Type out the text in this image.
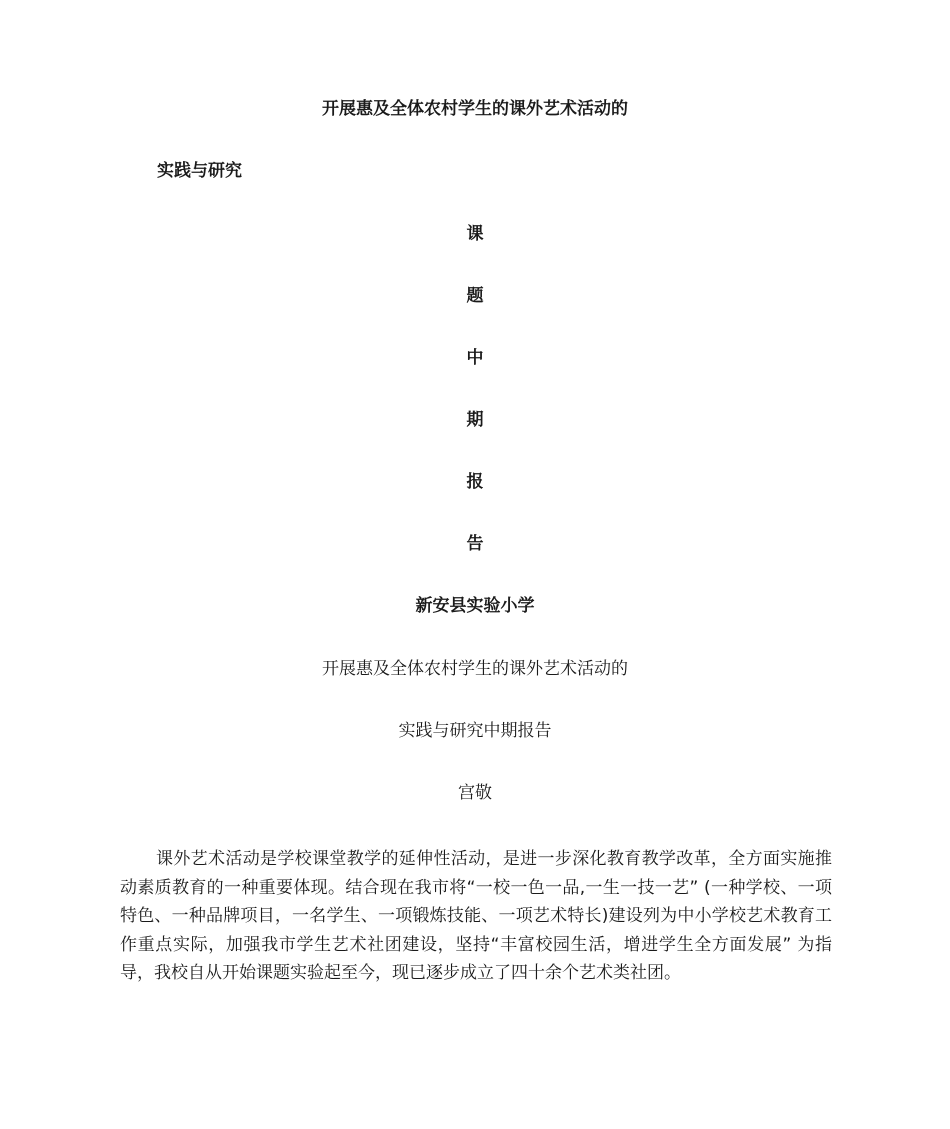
开展惠及全体农村学生的课外艺术活动的
实践与研究
课
题
中
期
报
告
新安县实验小学
开展惠及全体农村学生的课外艺术活动的
实践与研究中期报告
宫敬
课外艺术活动是学校课堂教学的延伸性活动，是进一步深化教育教学改革，全方面实施推动素质教育的一种重要体现。结合现在我市将“一校一色一品,一生一技一艺” (一种学校、一项特色、一种品牌项目，一名学生、一项锻炼技能、一项艺术特长)建设列为中小学校艺术教育工作重点实际，加强我市学生艺术社团建设，坚持“丰富校园生活，增进学生全方面发展” 为指导，我校自从开始课题实验起至今，现已逐步成立了四十余个艺术类社团。
